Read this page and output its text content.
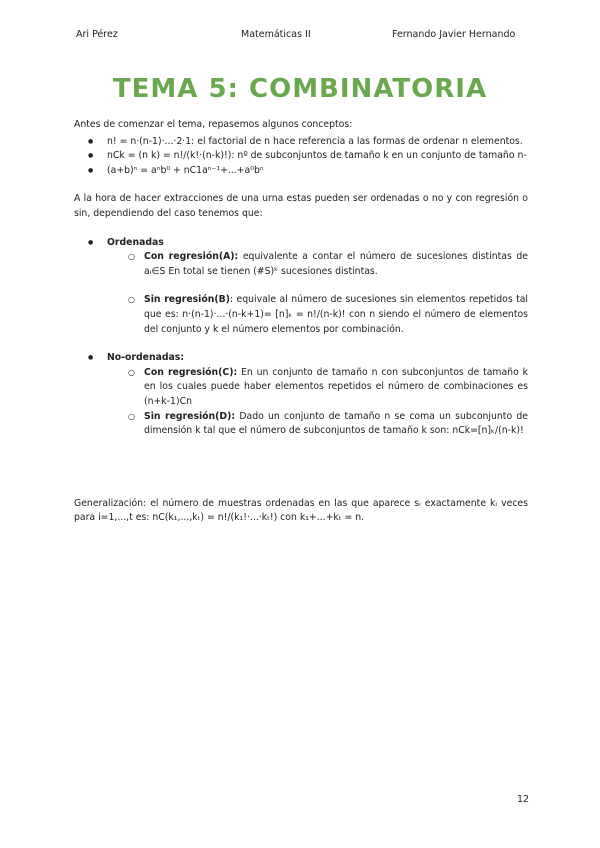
Ari Pérez	Matemáticas II	Fernando Javier Hernando
TEMA 5: COMBINATORIA

Antes de comenzar el tema, repasemos algunos conceptos:

● n! = n·(n-1)·...·2·1: el factorial de n hace referencia a las formas de ordenar n elementos.
● nCk = (n k) = n!/(k!·(n-k)!): nº de subconjuntos de tamaño k en un conjunto de tamaño n-
● (a+b)ⁿ = aⁿb⁰ + nC1aⁿ⁻¹+...+a⁰bⁿ

A la hora de hacer extracciones de una urna estas pueden ser ordenadas o no y con regresión o sin, dependiendo del caso tenemos que:

● Ordenadas
○ Con regresión(A): equivalente a contar el número de sucesiones distintas de aᵢ∈S En total se tienen (#S)ᵏ sucesiones distintas.
○ Sin regresión(B): equivale al número de sucesiones sin elementos repetidos tal que es: n·(n-1)·...·(n-k+1)= [n]ₖ = n!/(n-k)! con n siendo el número de elementos del conjunto y k el número elementos por combinación.
● No-ordenadas:
○ Con regresión(C): En un conjunto de tamaño n con subconjuntos de tamaño k en los cuales puede haber elementos repetidos el número de combinaciones es (n+k-1)Cn
○ Sin regresión(D): Dado un conjunto de tamaño n se coma un subconjunto de dimensión k tal que el número de subconjuntos de tamaño k son: nCk=[n]ₖ/(n-k)!

Generalización: el número de muestras ordenadas en las que aparece sᵢ exactamente kᵢ veces para i=1,...,t es: nC(k₁,...,kₜ) = n!/(k₁!·...·kₜ!) con k₁+...+kₜ = n.

12
